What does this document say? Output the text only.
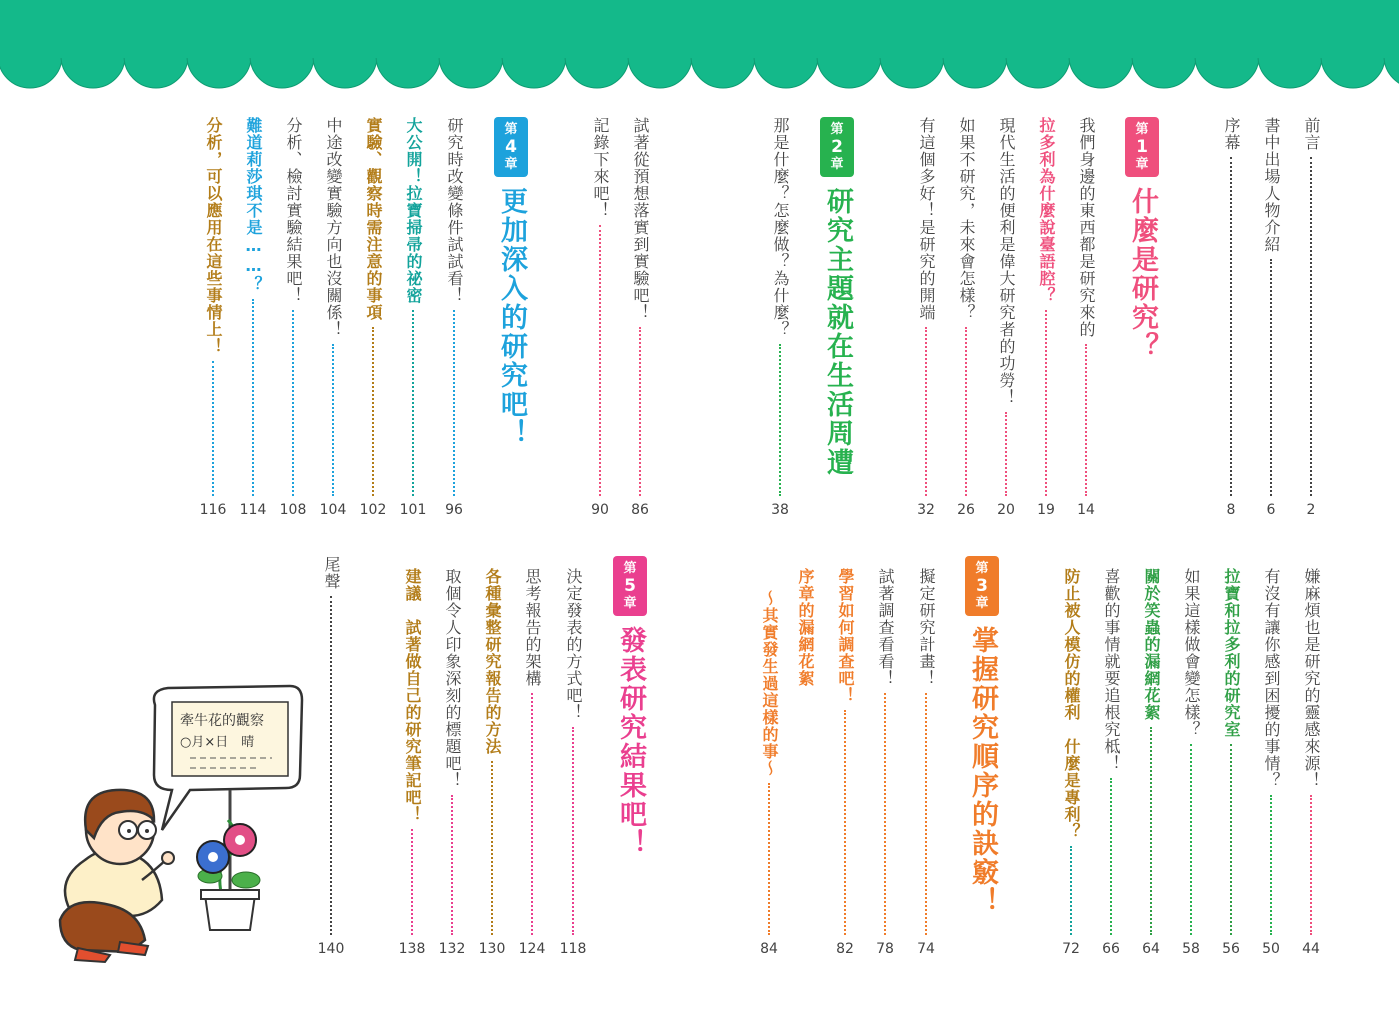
前言
2
書中出場人物介紹
6
序幕
8
第
1
章
什麼是研究？
我們身邊的東西都是研究來的
14
拉多利為什麼說臺語腔？
19
現代生活的便利是偉大研究者的功勞！
20
如果不研究，未來會怎樣？
26
有這個多好！是研究的開端
32
第
2
章
研究主題就在生活周遭
那是什麼？怎麼做？為什麼？
38
試著從預想落實到實驗吧！
86
記錄下來吧！
90
第
4
章
更加深入的研究吧！
研究時改變條件試試看！
96
大公開！拉寶掃帚的祕密
101
實驗、觀察時需注意的事項
102
中途改變實驗方向也沒關係！
104
分析、檢討實驗結果吧！
108
難道莉莎琪不是……？
114
分析，可以應用在這些事情上！
116
嫌麻煩也是研究的靈感來源！
44
有沒有讓你感到困擾的事情？
50
拉寶和拉多利的研究室
56
如果這樣做會變怎樣？
58
關於笑蟲的漏網花絮
64
喜歡的事情就要追根究柢！
66
防止被人模仿的權利　什麼是專利？
72
第
3
章
掌握研究順序的訣竅！
擬定研究計畫！
74
試著調查看看！
78
學習如何調查吧！
82
序章的漏網花絮
～其實發生過這樣的事～
84
第
5
章
發表研究結果吧！
決定發表的方式吧！
118
思考報告的架構
124
各種彙整研究報告的方法
130
取個令人印象深刻的標題吧！
132
建議　試著做自己的研究筆記吧！
138
尾聲
140
牽牛花的觀察
○月×日　晴
